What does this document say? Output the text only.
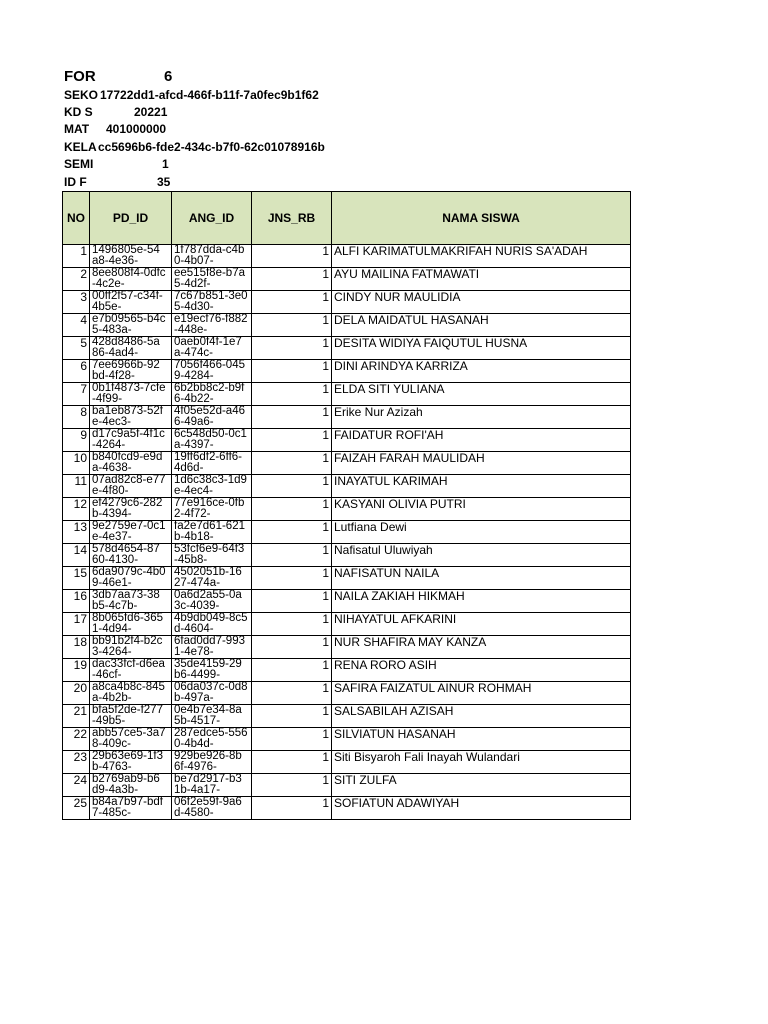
FOR	6
SEKO 17722dd1-afcd-466f-b11f-7a0fec9b1f62
KD S	20221
MAT 401000000
KELAcc5696b6-fde2-434c-b7f0-62c01078916b
SEMI	1
ID F	35
NO	PD_ID	ANG_ID	JNS_RB	NAMA SISWA
1	1496805e-54a8-4e36-	1f787dda-c4b0-4b07-	1	ALFI KARIMATULMAKRIFAH NURIS SA'ADAH
2	8ee808f4-0dfc-4c2e-	ee515f8e-b7a5-4d2f-	1	AYU MAILINA FATMAWATI
3	00ff2f57-c34f-4b5e-	7c67b851-3e05-4d30-	1	CINDY NUR MAULIDIA
4	e7b09565-b4c5-483a-	e19ecf76-f882-448e-	1	DELA MAIDATUL HASANAH
5	428d8486-5a86-4ad4-	0aeb0f4f-1e7a-474c-	1	DESITA WIDIYA FAIQUTUL HUSNA
6	7ee6966b-92bd-4f28-	7056f466-0459-4284-	1	DINI ARINDYA KARRIZA
7	0b1f4873-7cfe-4f99-	6b2bb8c2-b9f6-4b22-	1	ELDA SITI YULIANA
8	ba1eb873-52fe-4ec3-	4f05e52d-a466-49a6-	1	Erike Nur Azizah
9	d17c9a5f-4f1c-4264-	6c548d50-0c1a-4397-	1	FAIDATUR ROFI'AH
10	b840fcd9-e9da-4638-	19ff6df2-6ff6-4d6d-	1	FAIZAH FARAH MAULIDAH
11	07ad82c8-e77e-4f80-	1d6c38c3-1d9e-4ec4-	1	INAYATUL KARIMAH
12	ef4279c6-282b-4394-	77e916ce-0fb2-4f72-	1	KASYANI OLIVIA PUTRI
13	9e2759e7-0c1e-4e37-	fa2e7d61-621b-4b18-	1	Lutfiana Dewi
14	578d4654-8760-4130-	53fcf6e9-64f3-45b8-	1	Nafisatul Uluwiyah
15	6da9079c-4b09-46e1-	4502051b-1627-474a-	1	NAFISATUN NAILA
16	3db7aa73-38b5-4c7b-	0a6d2a55-0a3c-4039-	1	NAILA ZAKIAH HIKMAH
17	8b065fd6-3651-4d94-	4b9db049-8c5d-4604-	1	NIHAYATUL AFKARINI
18	bb91b2f4-b2c3-4264-	6fad0dd7-9931-4e78-	1	NUR SHAFIRA MAY KANZA
19	dac33fcf-d6ea-46cf-	35de4159-29b6-4499-	1	RENA RORO ASIH
20	a8ca4b8c-845a-4b2b-	06da037c-0d8b-497a-	1	SAFIRA FAIZATUL AINUR ROHMAH
21	bfa5f2de-f277-49b5-	0e4b7e34-8a5b-4517-	1	SALSABILAH AZISAH
22	abb57ce5-3a78-409c-	287edce5-5560-4b4d-	1	SILVIATUN HASANAH
23	29b63e69-1f3b-4763-	929be926-8b6f-4976-	1	Siti Bisyaroh Fali Inayah Wulandari
24	b2769ab9-b6d9-4a3b-	be7d2917-b31b-4a17-	1	SITI ZULFA
25	b84a7b97-bdf7-485c-	06f2e59f-9a6d-4580-	1	SOFIATUN ADAWIYAH
